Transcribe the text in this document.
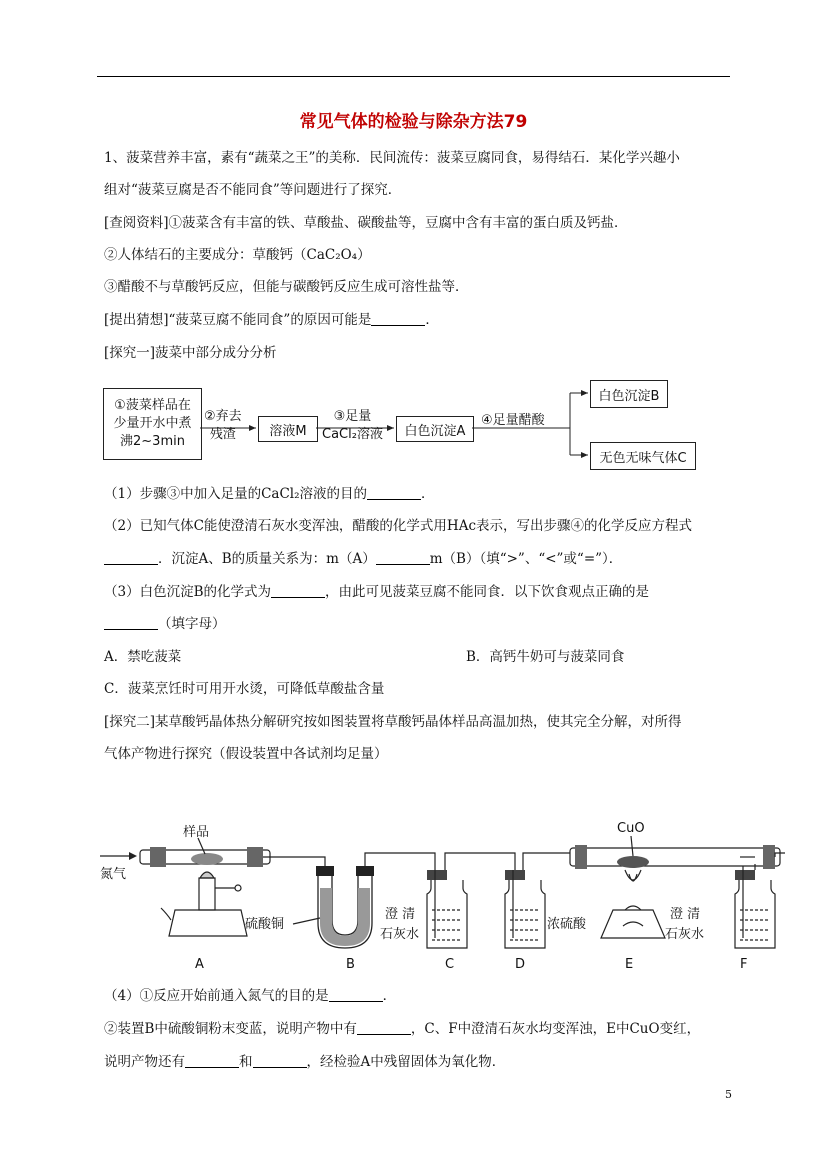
常见气体的检验与除杂方法79
1、菠菜营养丰富，素有“蔬菜之王”的美称．民间流传：菠菜豆腐同食，易得结石．某化学兴趣小
组对“菠菜豆腐是否不能同食”等问题进行了探究．
[查阅资料]①菠菜含有丰富的铁、草酸盐、碳酸盐等，豆腐中含有丰富的蛋白质及钙盐．
②人体结石的主要成分：草酸钙（CaC₂O₄）
③醋酸不与草酸钙反应，但能与碳酸钙反应生成可溶性盐等．
[提出猜想]“菠菜豆腐不能同食”的原因可能是	．
[探究一]菠菜中部分成分分析
①菠菜样品在
少量开水中煮
沸2~3min
②弃去
残渣	溶液M
③足量
CaCl₂溶液	白色沉淀A
④足量醋酸
白色沉淀B
无色无味气体C
（1）步骤③中加入足量的CaCl₂溶液的目的	．
（2）已知气体C能使澄清石灰水变浑浊，醋酸的化学式用HAc表示，写出步骤④的化学反应方程式
．沉淀A、B的质量关系为：m（A）	m（B）（填“>”、“<”或“=”）．
（3）白色沉淀B的化学式为	，由此可见菠菜豆腐不能同食．以下饮食观点正确的是
（填字母）
A．禁吃菠菜	B．高钙牛奶可与菠菜同食
C．菠菜烹饪时可用开水烫，可降低草酸盐含量
[探究二]某草酸钙晶体热分解研究按如图装置将草酸钙晶体样品高温加热，使其完全分解，对所得
气体产物进行探究（假设装置中各试剂均足量）
氮气
样品
硫酸铜
澄 清
石灰水
浓硫酸
CuO
澄 清
石灰水
A	B	C	D	E	F
（4）①反应开始前通入氮气的目的是	．
②装置B中硫酸铜粉末变蓝，说明产物中有	，C、F中澄清石灰水均变浑浊，E中CuO变红，
说明产物还有	和	，经检验A中残留固体为氧化物．
5
